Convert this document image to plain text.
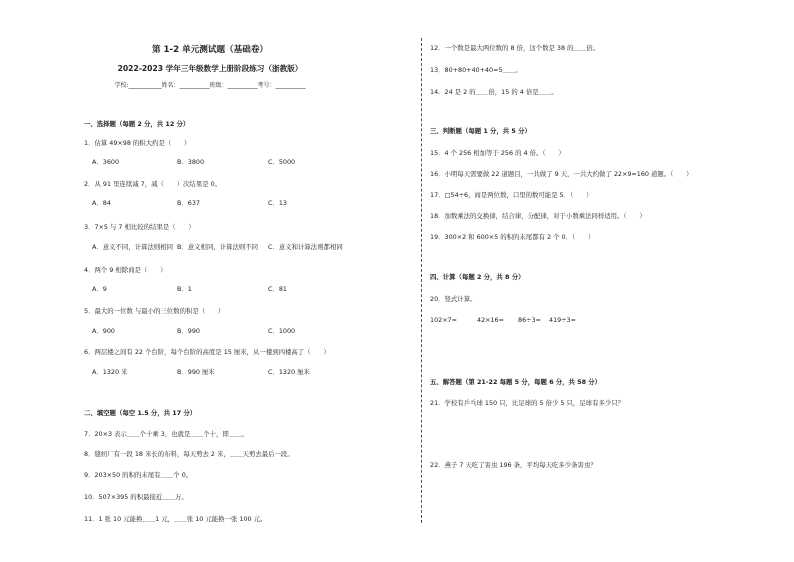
第 1-2 单元测试题（基础卷）
2022-2023 学年三年级数学上册阶段练习（浙教版）
学校:___________姓名：__________班级：__________考号：__________
一、选择题（每题 2 分，共 12 分）
1．估算 49×98 的积大约是（　　）
A．3600	B．3800	C．5000
2．从 91 里连续减 7，减（　　）次结果是 0。
A．84	B．637	C．13
3．7×5 与 7 相比较的结果是（　　）
A．意义不同，计算法则相同 B．意义相同，计算法则不同 C．意义和计算法则都相同
4．两个 9 相除商是（　　）
A．9	B．1	C．81
5．最大的一位数 与最小的三位数的积是（　　）
A．900	B．990	C．1000
6．两层楼之间有 22 个台阶，每个台阶的高度是 15 厘米，从一楼到四楼高了（　　）
A．1320 米	B．990 厘米	C．1320 厘米
二、填空题（每空 1.5 分，共 17 分）
7．20×3 表示＿＿个十乘 3，也就是＿＿个十，即＿＿。
8．缝纫厂有一段 18 米长的布料，每天剪去 2 米，＿＿天剪去最后一段。
9．203×50 的积的末尾有＿＿个 0。
10．507×395 的积最接近＿＿万。
11．1 张 10 元能换＿＿1 元，＿＿张 10 元能换一张 100 元。
12．一个数是最大两位数的 8 倍，这个数是 38 的＿＿倍。
13．80+80+40+40=5＿＿。
14．24 是 2 的＿＿倍，15 的 4 倍是＿＿。
三、判断题（每题 1 分，共 5 分）
15．4 个 256 相加等于 256 的 4 倍。（　　）
16．小明每天需要做 22 道题目，一共做了 9 天，一共大约做了 22×9=160 道题。（　　）
17．□54÷6，商是两位数，口里的数可能是 5．（　　）
18．加数乘法的交换律，结合律，分配律，对于小数乘法同样适用。（　　）
19．300×2 和 600×5 的积的末尾都有 2 个 0．（　　）
四、计算（每题 2 分，共 8 分）
20．竖式计算。
102×7=	42×16= 86÷3= 419÷3=
五、解答题（第 21-22 每题 5 分，每题 6 分，共 58 分）
21．学校有乒乓球 150 只，比足球的 5 倍少 5 只，足球有多少只？
22．燕子 7 天吃了害虫 196 条，平均每天吃多少条害虫？
